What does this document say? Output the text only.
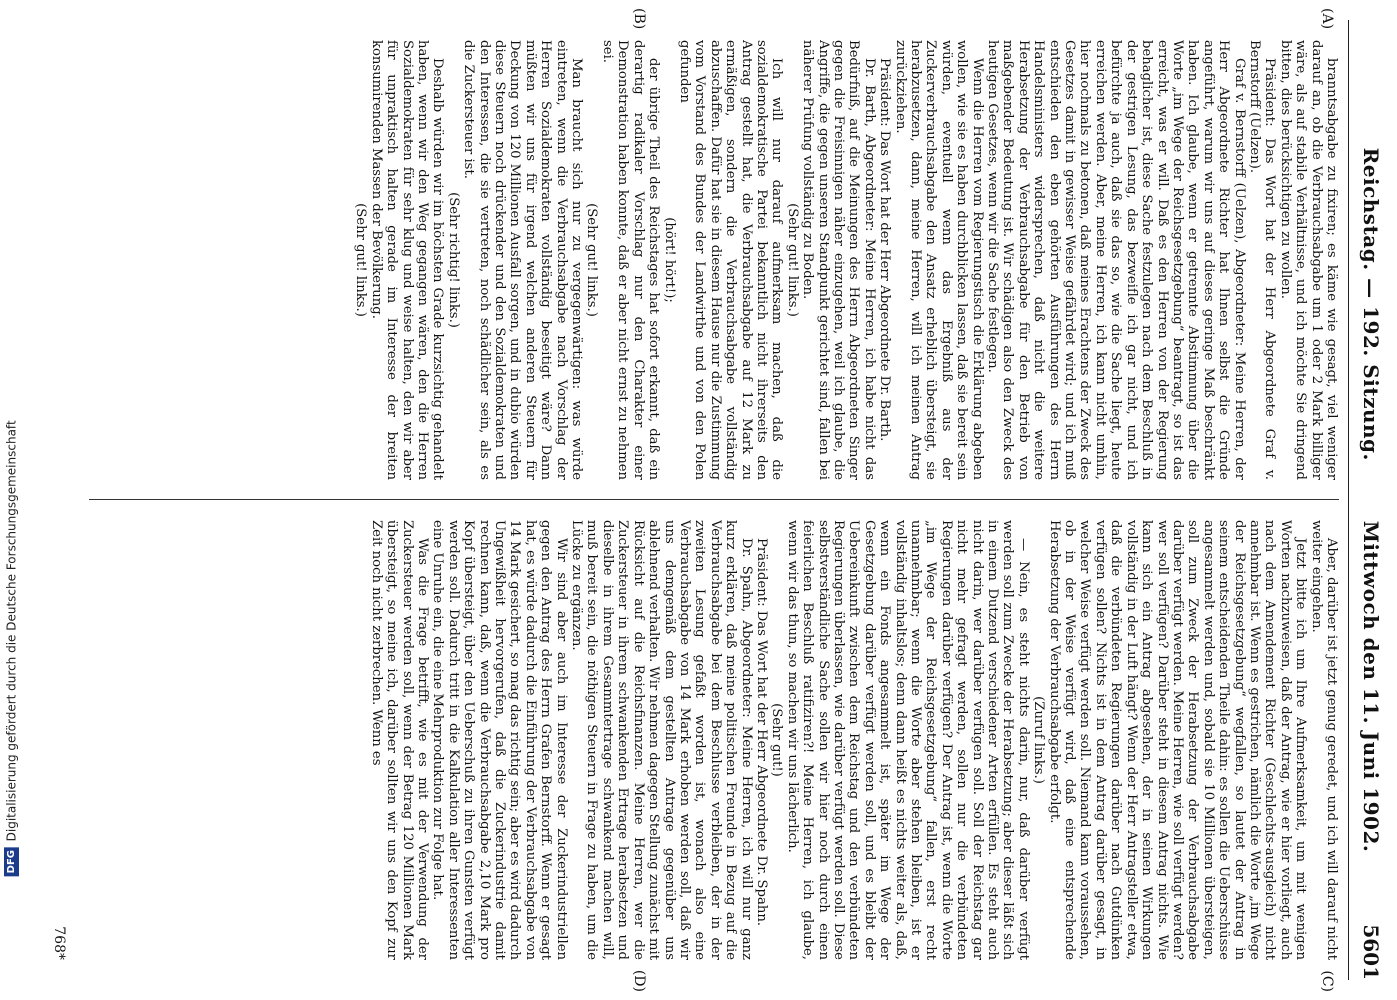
Reichstag. — 192. Sitzung.        Mittwoch den 11. Juni 1902.
5601
(A)
(B)
(C)
(D)

branntsabgabe zu fixiren; es käme wie gesagt, viel weniger darauf an, ob die Verbrauchsabgabe um 1 oder 2 Mark billiger wäre, als auf stabile Verhältnisse, und ich möchte Sie dringend bitten, dies berücksichtigen zu wollen.

Präsident: Das Wort hat der Herr Abgeordnete Graf v. Bernstorff (Uelzen).

Graf v. Bernstorff (Uelzen), Abgeordneter: Meine Herren, der Herr Abgeordnete Richter hat Ihnen selbst die Gründe angeführt, warum wir uns auf dieses geringe Maß beschränkt haben. Ich glaube, wenn er getrennte Abstimmung über die Worte „im Wege der Reichsgesetzgebung“ beantragt, so ist das erreicht, was er will. Daß es den Herren von der Regierung behaglicher ist, diese Sache festzulegen nach dem Beschluß in der gestrigen Lesung, das bezweifle ich gar nicht, und ich befürchte ja auch, daß sie das so, wie die Sache liegt, heute erreichen werden. Aber, meine Herren, ich kann nicht umhin, hier nochmals zu betonen, daß meines Erachtens der Zweck des Gesetzes damit in gewisser Weise gefährdet wird; und ich muß entschieden den eben gehörten Ausführungen des Herrn Handelsministers widersprechen, daß nicht die weitere Herabsetzung der Verbrauchsabgabe für den Betrieb von maßgebender Bedeutung ist. Wir schädigen also den Zweck des heutigen Gesetzes, wenn wir die Sache festlegen.

Wenn die Herren vom Regierungstisch die Erklärung abgeben wollen, wie sie es haben durchblicken lassen, daß sie bereit sein würden, eventuell wenn das Ergebniß aus der Zuckerverbrauchsabgabe den Ansatz erheblich übersteigt, sie herabzusetzen, dann, meine Herren, will ich meinen Antrag zurückziehen.

Präsident: Das Wort hat der Herr Abgeordnete Dr. Barth.

Dr. Barth, Abgeordneter: Meine Herren, ich habe nicht das Bedürfniß, auf die Meinungen des Herrn Abgeordneten Singer gegen die Freisinnigen näher einzugehen, weil ich glaube, die Angriffe, die gegen unseren Standpunkt gerichtet sind, fallen bei näherer Prüfung vollständig zu Boden.

(Sehr gut! links.)

Ich will nur darauf aufmerksam machen, daß die sozialdemokratische Partei bekanntlich nicht ihrerseits den Antrag gestellt hat, die Verbrauchsabgabe auf 12 Mark zu ermäßigen, sondern die Verbrauchsabgabe vollständig abzuschaffen. Dafür hat sie in diesem Hause nur die Zustimmung vom Vorstand des Bundes der Landwirthe und von den Polen gefunden

(hört! hört!);

der übrige Theil des Reichstages hat sofort erkannt, daß ein derartig radikaler Vorschlag nur den Charakter einer Demonstration haben konnte, daß er aber nicht ernst zu nehmen sei.

(Sehr gut! links.)

Man braucht sich nur zu vergegenwärtigen: was würde eintreten, wenn die Verbrauchsabgabe nach Vorschlag der Herren Sozialdemokraten vollständig beseitigt wäre? Dann müßten wir uns für irgend welchen anderen Steuern für Deckung von 120 Millionen Ausfall sorgen, und in dubio würden diese Steuern noch drückender und den Sozialdemokraten und den Interessen, die sie vertreten, noch schädlicher sein, als es die Zuckersteuer ist.

(Sehr richtig! links.)

Deshalb würden wir im höchsten Grade kurzsichtig gehandelt haben, wenn wir den Weg gegangen wären, den die Herren Sozialdemokraten für sehr klug und weise halten, den wir aber für unpraktisch halten gerade im Interesse der breiten konsumirenden Massen der Bevölkerung.

(Sehr gut! links.)

Aber, darüber ist jetzt genug geredet, und ich will darauf nicht weiter eingehen.

Jetzt bitte ich um Ihre Aufmerksamkeit, um mit wenigen Worten nachzuweisen, daß der Antrag, wie er hier vorliegt, auch nach dem Amendement Richter (Geschlechts-ausgleich) nicht annehmbar ist. Wenn es gestrichen, nämlich die Worte „im Wege der Reichsgesetzgebung“ wegfallen, so lautet der Antrag in seinem entscheidenden Theile dahin: es sollen die Ueberschüsse angesammelt werden und, sobald sie 10 Millionen übersteigen, soll zum Zweck der Herabsetzung der Verbrauchsabgabe darüber verfügt werden. Meine Herren, wie soll verfügt werden? wer soll verfügen? Darüber steht in diesem Antrag nichts. Wie kann sich ein Antrag abgesehen, der in seinen Wirkungen vollständig in der Luft hängt? Wenn der Herr Antragsteller etwa, daß die verbündeten Regierungen darüber nach Gutdünken verfügen sollen? Nichts ist in dem Antrag darüber gesagt, in welcher Weise verfügt werden soll. Niemand kann voraussehen, ob in der Weise verfügt wird, daß eine entsprechende Herabsetzung der Verbrauchsabgabe erfolgt.

(Zuruf links.)

— Nein, es steht nichts darin, nur, daß darüber verfügt werden soll zum Zwecke der Herabsetzung; aber dieser läßt sich in einem Dutzend verschiedener Arten erfüllen. Es steht auch nicht darin, wer darüber verfügen soll. Soll der Reichstag gar nicht mehr gefragt werden, sollen nur die verbündeten Regierungen darüber verfügen? Der Antrag ist, wenn die Worte „im Wege der Reichsgesetzgebung“ fallen, erst recht unannehmbar; wenn die Worte aber stehen bleiben, ist er vollständig inhaltslos; denn dann heißt es nichts weiter als, daß, wenn ein Fonds angesammelt ist, später im Wege der Gesetzgebung darüber verfügt werden soll, und es bleibt der Uebereinkunft zwischen dem Reichstag und den verbündeten Regierungen überlassen, wie darüber verfügt werden soll. Diese selbstverständliche Sache sollen wir hier noch durch einen feierlichen Beschluß ratifiziren?! Meine Herren, ich glaube, wenn wir das thun, so machen wir uns lächerlich.

(Sehr gut!)

Präsident: Das Wort hat der Herr Abgeordnete Dr. Spahn.

Dr. Spahn, Abgeordneter: Meine Herren, ich will nur ganz kurz erklären, daß meine politischen Freunde in Bezug auf die Verbrauchsabgabe bei dem Beschlusse verbleiben, der in der zweiten Lesung gefaßt worden ist, wonach also eine Verbrauchsabgabe von 14 Mark erhoben werden soll, daß wir uns demgemäß dem gestellten Antrage gegenüber uns ablehnend verhalten. Wir nehmen dagegen Stellung zunächst mit Rücksicht auf die Reichsfinanzen. Meine Herren, wer die Zuckersteuer in ihrem schwankenden Ertrage herabsetzen und dieselbe in ihrem Gesammtertrage schwankend machen will, muß bereit sein, die nöthigen Steuern in Frage zu haben, um die Lücke zu ergänzen.

Wir sind aber auch im Interesse der Zuckerindustriellen gegen den Antrag des Herrn Grafen Bernstorff. Wenn er gesagt hat, es würde dadurch die Einführung der Verbrauchsabgabe von 14 Mark gesichert, so mag das richtig sein; aber es wird dadurch Ungewißheit hervorgerufen, daß die Zuckerindustrie damit rechnen kann, daß, wenn die Verbrauchsabgabe 2,10 Mark pro Kopf übersteigt, über den Ueberschuß zu ihren Gunsten verfügt werden soll. Dadurch tritt in die Kalkulation aller Interessenten eine Unruhe ein, die eine Mehrproduktion zur Folge hat.

Was die Frage betrifft, wie es mit der Verwendung der Zuckersteuer werden soll, wenn der Betrag 120 Millionen Mark übersteigt, so meine ich, darüber sollten wir uns den Kopf zur Zeit noch nicht zerbrechen. Wenn es

768*
DFG
Digitalisierung gefördert durch die Deutsche Forschungsgemeinschaft
